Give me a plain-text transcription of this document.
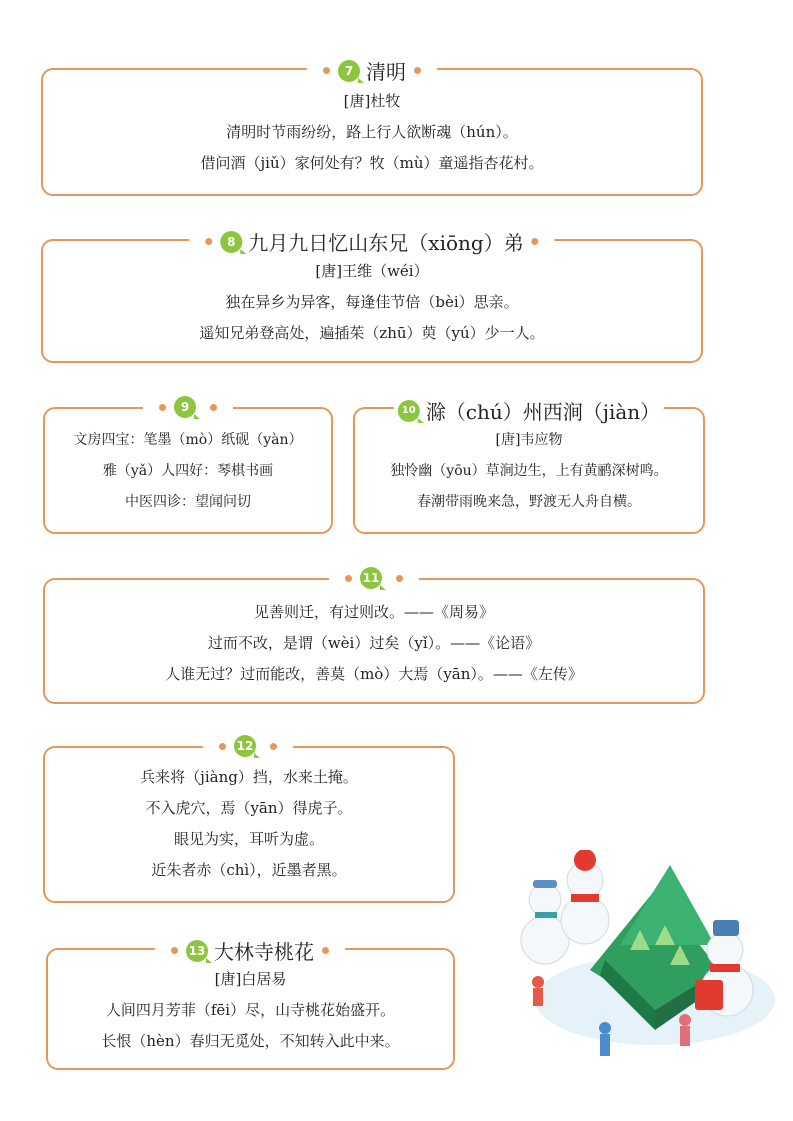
7 清明
[唐]杜牧
清明时节雨纷纷，路上行人欲断魂（hún）。
借问酒（jiǔ）家何处有？牧（mù）童遥指杏花村。
8 九月九日忆山东兄（xiōng）弟
[唐]王维（wéi）
独在异乡为异客，每逢佳节倍（bèi）思亲。
遥知兄弟登高处，遍插茱（zhū）萸（yú）少一人。
9
文房四宝：笔墨（mò）纸砚（yàn）
雅（yǎ）人四好：琴棋书画
中医四诊：望闻问切
10 滁（chú）州西涧（jiàn）
[唐]韦应物
独怜幽（yōu）草涧边生，上有黄鹂深树鸣。
春潮带雨晚来急，野渡无人舟自横。
11
见善则迁，有过则改。——《周易》
过而不改，是谓（wèi）过矣（yǐ）。——《论语》
人谁无过？过而能改，善莫（mò）大焉（yān）。——《左传》
12
兵来将（jiàng）挡，水来土掩。
不入虎穴，焉（yān）得虎子。
眼见为实，耳听为虚。
近朱者赤（chì），近墨者黑。
13 大林寺桃花
[唐]白居易
人间四月芳菲（fēi）尽，山寺桃花始盛开。
长恨（hèn）春归无觅处，不知转入此中来。
